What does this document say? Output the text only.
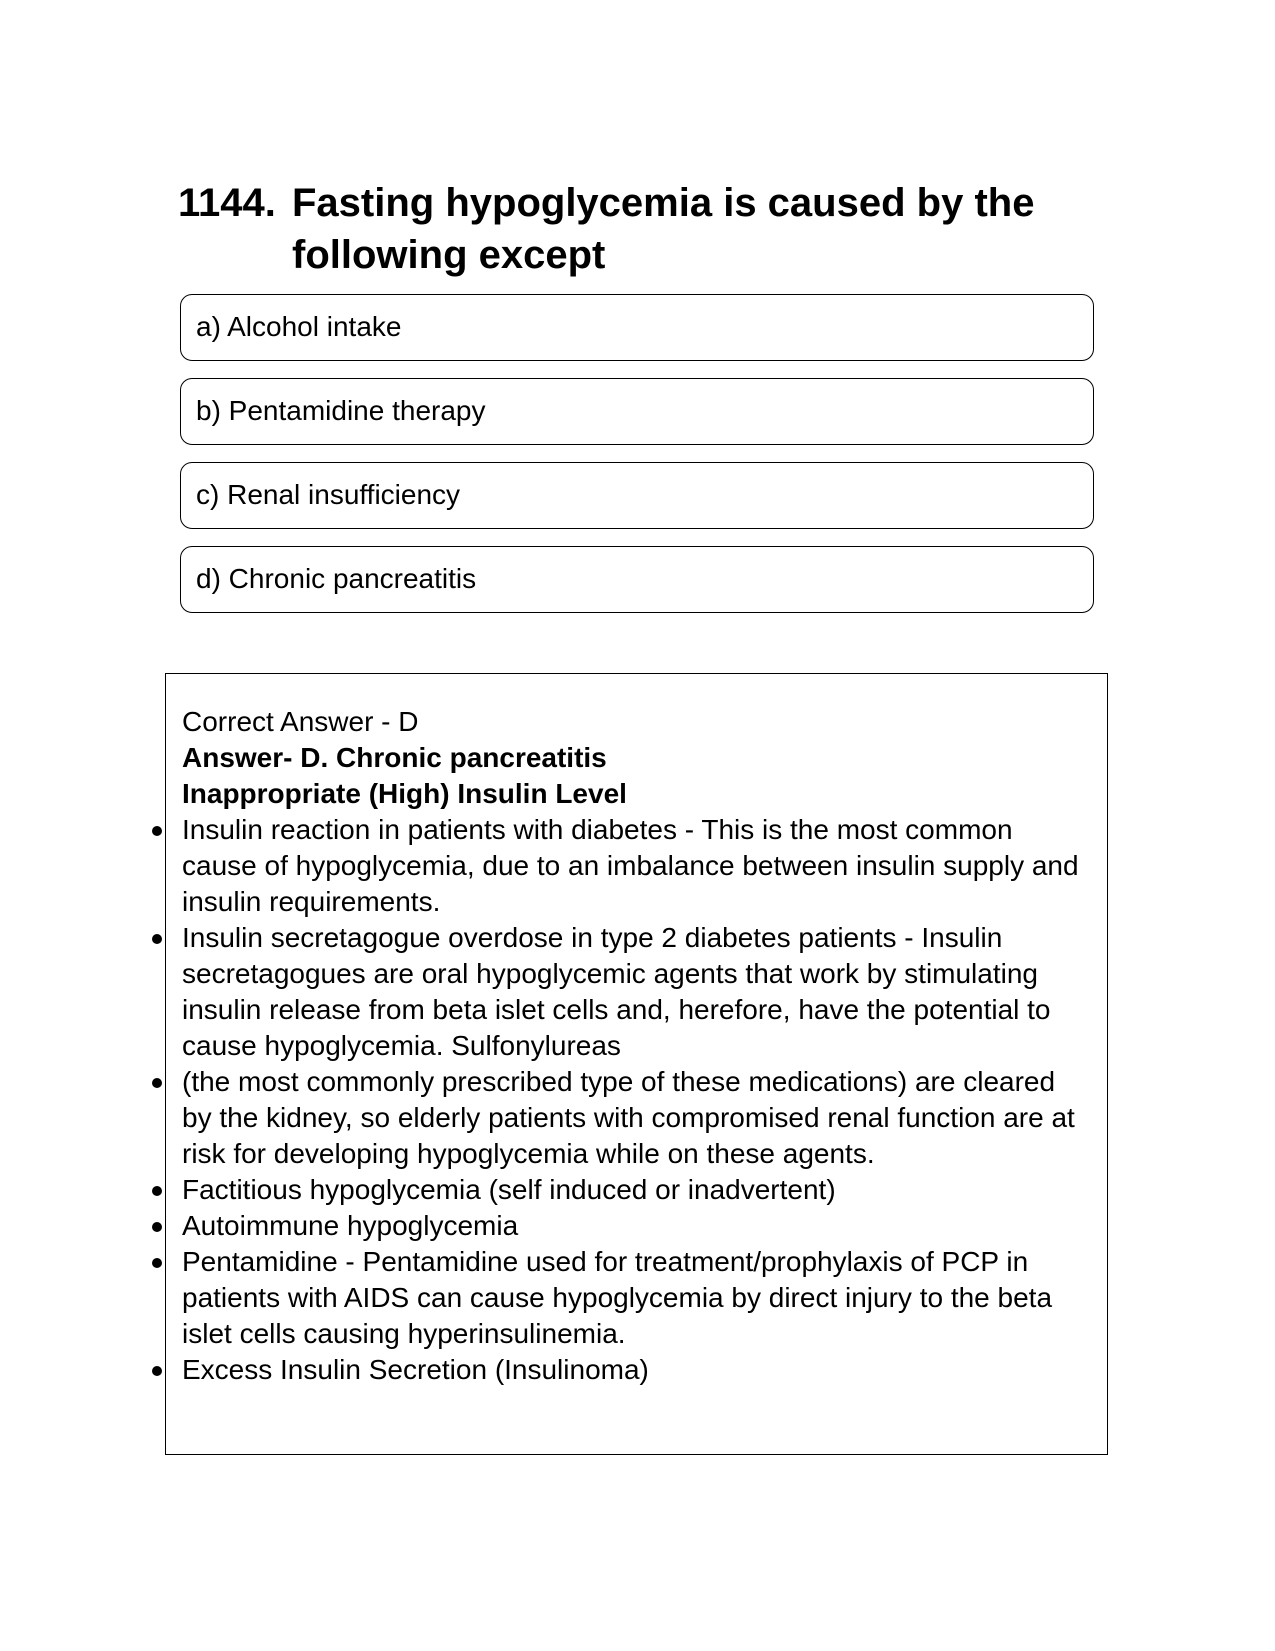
1144. Fasting hypoglycemia is caused by the following except
a) Alcohol intake
b) Pentamidine therapy
c) Renal insufficiency
d) Chronic pancreatitis
Correct Answer - D
Answer- D. Chronic pancreatitis
Inappropriate (High) Insulin Level
Insulin reaction in patients with diabetes - This is the most common cause of hypoglycemia, due to an imbalance between insulin supply and insulin requirements.
Insulin secretagogue overdose in type 2 diabetes patients - Insulin secretagogues are oral hypoglycemic agents that work by stimulating insulin release from beta islet cells and, herefore, have the potential to cause hypoglycemia. Sulfonylureas
(the most commonly prescribed type of these medications) are cleared by the kidney, so elderly patients with compromised renal function are at risk for developing hypoglycemia while on these agents.
Factitious hypoglycemia (self induced or inadvertent)
Autoimmune hypoglycemia
Pentamidine - Pentamidine used for treatment/prophylaxis of PCP in patients with AIDS can cause hypoglycemia by direct injury to the beta islet cells causing hyperinsulinemia.
Excess Insulin Secretion (Insulinoma)
